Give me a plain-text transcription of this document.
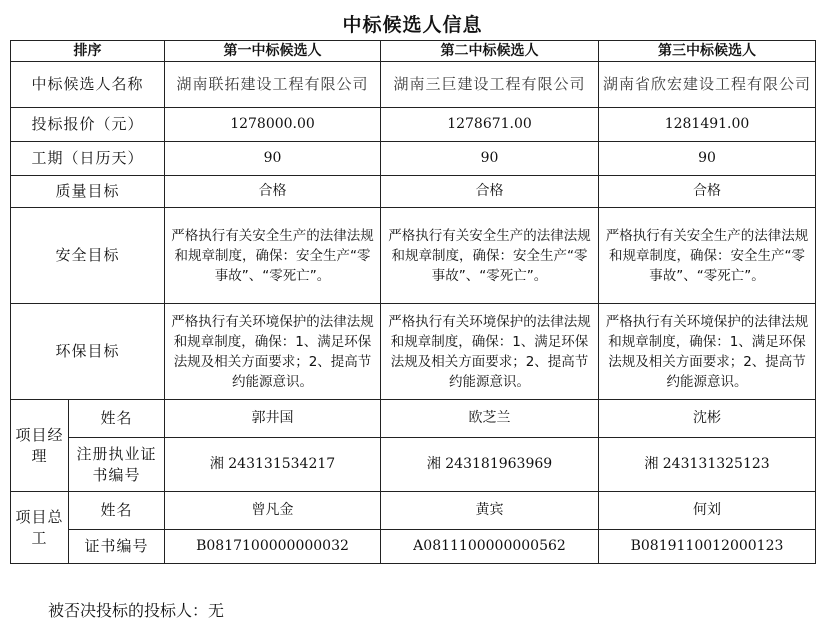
中标候选人信息
排序		第一中标候选人	第二中标候选人	第三中标候选人
中标候选人名称		湖南联拓建设工程有限公司	湖南三巨建设工程有限公司	湖南省欣宏建设工程有限公司
投标报价（元）		1278000.00	1278671.00	1281491.00
工期（日历天）		90	90	90
质量目标		合格	合格	合格
安全目标		严格执行有关安全生产的法律法规和规章制度，确保：安全生产“零事故”、“零死亡”。	严格执行有关安全生产的法律法规和规章制度，确保：安全生产“零事故”、“零死亡”。	严格执行有关安全生产的法律法规和规章制度，确保：安全生产“零事故”、“零死亡”。
环保目标		严格执行有关环境保护的法律法规和规章制度，确保：1、满足环保法规及相关方面要求；2、提高节约能源意识。	严格执行有关环境保护的法律法规和规章制度，确保：1、满足环保法规及相关方面要求；2、提高节约能源意识。	严格执行有关环境保护的法律法规和规章制度，确保：1、满足环保法规及相关方面要求；2、提高节约能源意识。
项目经理	姓名	郭井国	欧芝兰	沈彬
	注册执业证书编号	湘 243131534217	湘 243181963969	湘 243131325123
项目总工	姓名	曾凡金	黄宾	何刘
	证书编号	B0817100000000032	A0811100000000562	B0819110012000123
被否决投标的投标人：无
